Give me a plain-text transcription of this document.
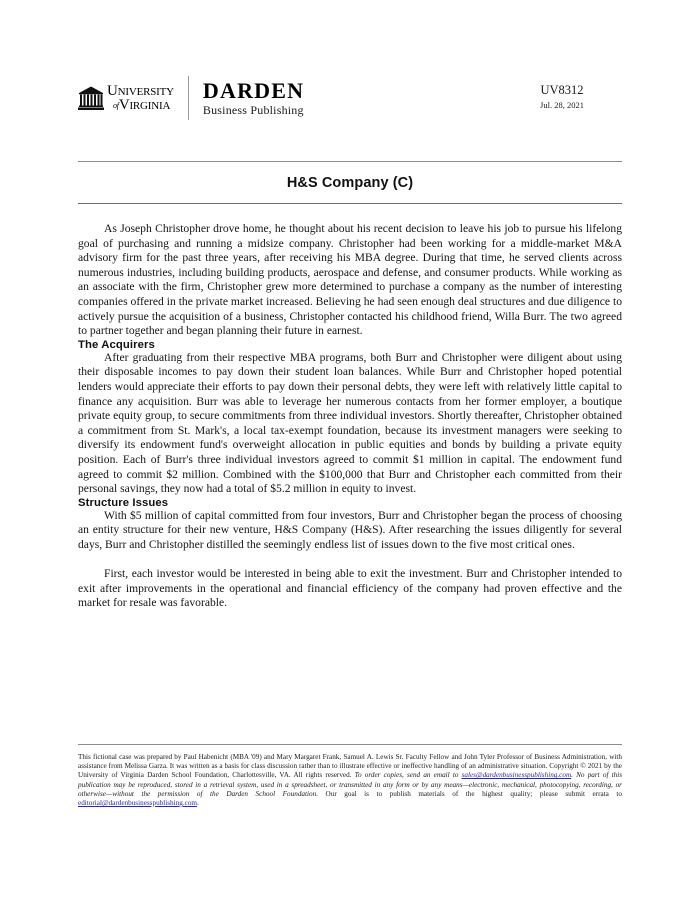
University
ofVirginia
DARDEN
Business Publishing
UV8312
Jul. 28, 2021
H&S Company (C)

As Joseph Christopher drove home, he thought about his recent decision to leave his job to pursue his lifelong goal of purchasing and running a midsize company. Christopher had been working for a middle-market M&A advisory firm for the past three years, after receiving his MBA degree. During that time, he served clients across numerous industries, including building products, aerospace and defense, and consumer products. While working as an associate with the firm, Christopher grew more determined to purchase a company as the number of interesting companies offered in the private market increased. Believing he had seen enough deal structures and due diligence to actively pursue the acquisition of a business, Christopher contacted his childhood friend, Willa Burr. The two agreed to partner together and began planning their future in earnest.

The Acquirers

After graduating from their respective MBA programs, both Burr and Christopher were diligent about using their disposable incomes to pay down their student loan balances. While Burr and Christopher hoped potential lenders would appreciate their efforts to pay down their personal debts, they were left with relatively little capital to finance any acquisition. Burr was able to leverage her numerous contacts from her former employer, a boutique private equity group, to secure commitments from three individual investors. Shortly thereafter, Christopher obtained a commitment from St. Mark's, a local tax-exempt foundation, because its investment managers were seeking to diversify its endowment fund's overweight allocation in public equities and bonds by building a private equity position. Each of Burr's three individual investors agreed to commit $1 million in capital. The endowment fund agreed to commit $2 million. Combined with the $100,000 that Burr and Christopher each committed from their personal savings, they now had a total of $5.2 million in equity to invest.

Structure Issues

With $5 million of capital committed from four investors, Burr and Christopher began the process of choosing an entity structure for their new venture, H&S Company (H&S). After researching the issues diligently for several days, Burr and Christopher distilled the seemingly endless list of issues down to the five most critical ones.

First, each investor would be interested in being able to exit the investment. Burr and Christopher intended to exit after improvements in the operational and financial efficiency of the company had proven effective and the market for resale was favorable.

This fictional case was prepared by Paul Habenicht (MBA '09) and Mary Margaret Frank, Samuel A. Lewis Sr. Faculty Fellow and John Tyler Professor of Business Administration, with assistance from Melissa Garza. It was written as a basis for class discussion rather than to illustrate effective or ineffective handling of an administrative situation. Copyright © 2021 by the University of Virginia Darden School Foundation, Charlottesville, VA. All rights reserved. To order copies, send an email to sales@dardenbusinesspublishing.com. No part of this publication may be reproduced, stored in a retrieval system, used in a spreadsheet, or transmitted in any form or by any means—electronic, mechanical, photocopying, recording, or otherwise—without the permission of the Darden School Foundation. Our goal is to publish materials of the highest quality; please submit errata to editorial@dardenbusinesspublishing.com.
